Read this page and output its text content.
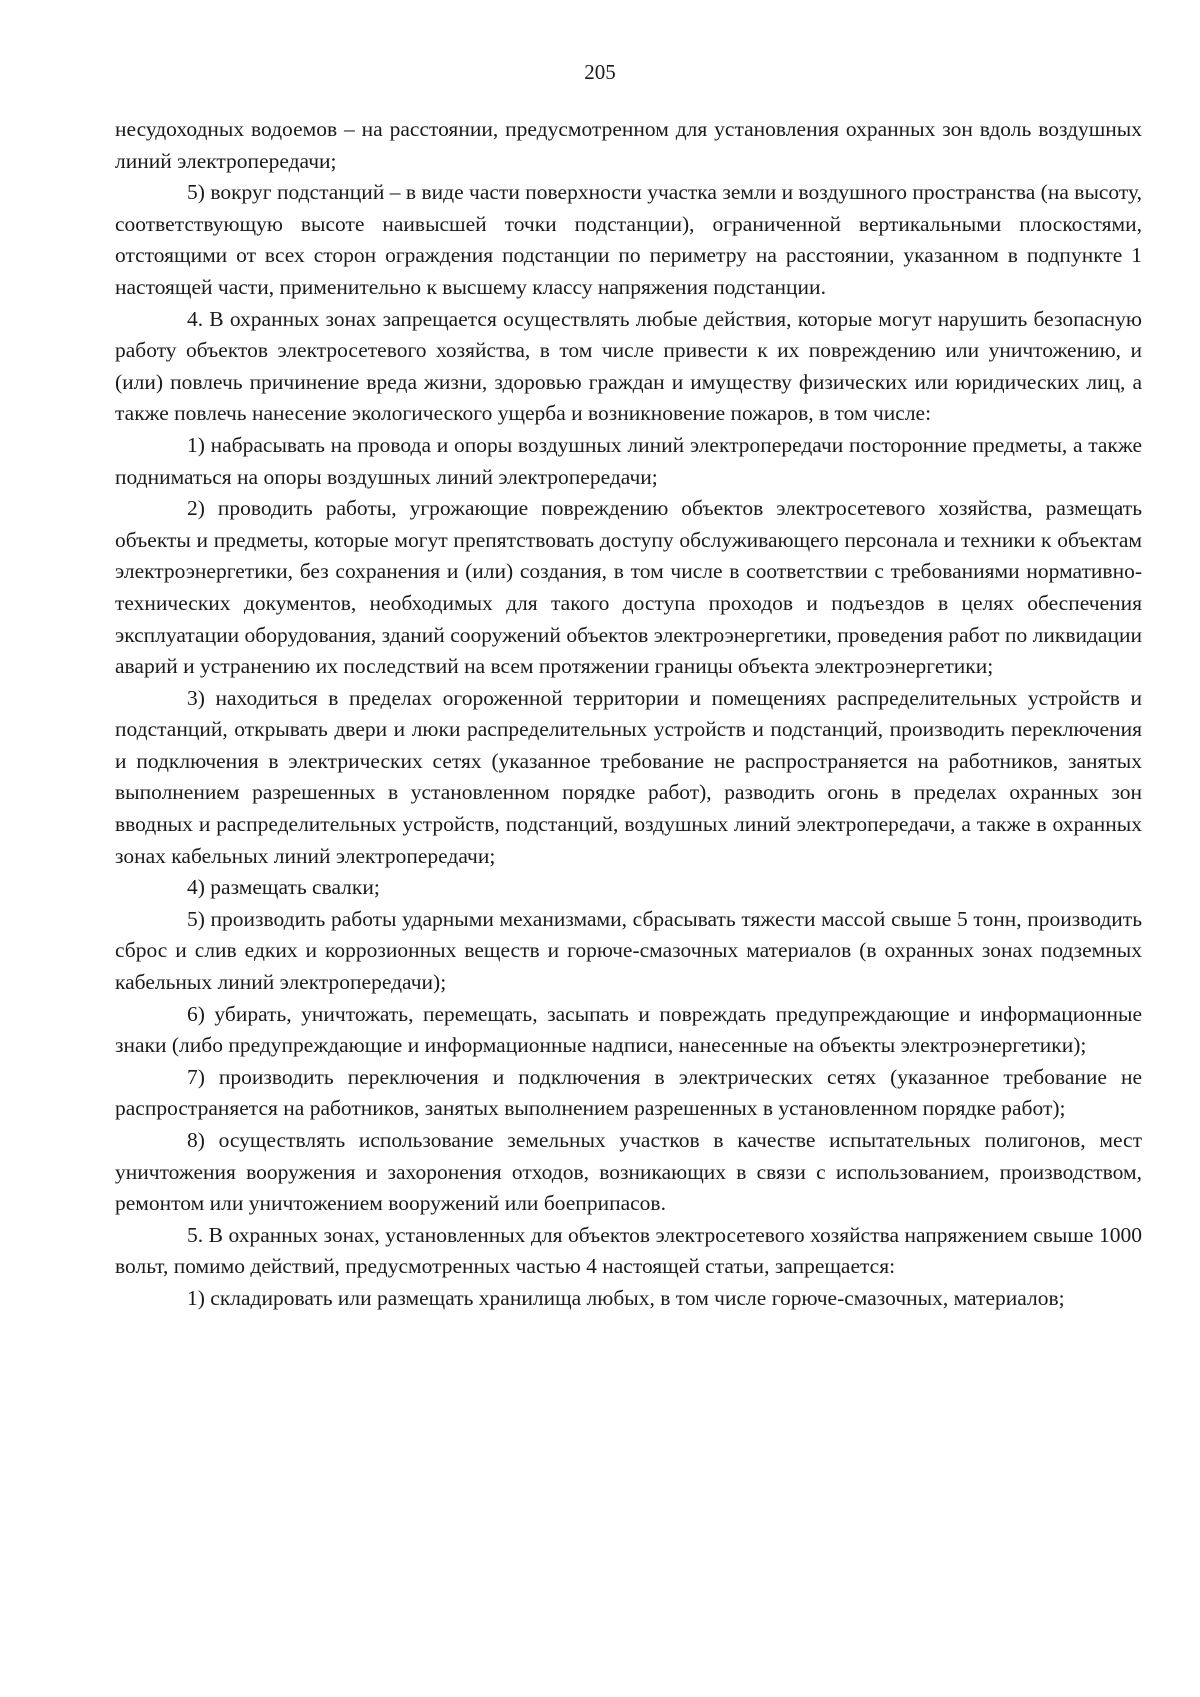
205

несудоходных водоемов – на расстоянии, предусмотренном для установления охранных зон вдоль воздушных линий электропередачи;

5) вокруг подстанций – в виде части поверхности участка земли и воздушного пространства (на высоту, соответствующую высоте наивысшей точки подстанции), ограниченной вертикальными плоскостями, отстоящими от всех сторон ограждения подстанции по периметру на расстоянии, указанном в подпункте 1 настоящей части, применительно к высшему классу напряжения подстанции.

4. В охранных зонах запрещается осуществлять любые действия, которые могут нарушить безопасную работу объектов электросетевого хозяйства, в том числе привести к их повреждению или уничтожению, и (или) повлечь причинение вреда жизни, здоровью граждан и имуществу физических или юридических лиц, а также повлечь нанесение экологического ущерба и возникновение пожаров, в том числе:

1) набрасывать на провода и опоры воздушных линий электропередачи посторонние предметы, а также подниматься на опоры воздушных линий электропередачи;

2) проводить работы, угрожающие повреждению объектов электросетевого хозяйства, размещать объекты и предметы, которые могут препятствовать доступу обслуживающего персонала и техники к объектам электроэнергетики, без сохранения и (или) создания, в том числе в соответствии с требованиями нормативно-технических документов, необходимых для такого доступа проходов и подъездов в целях обеспечения эксплуатации оборудования, зданий сооружений объектов электроэнергетики, проведения работ по ликвидации аварий и устранению их последствий на всем протяжении границы объекта электроэнергетики;

3) находиться в пределах огороженной территории и помещениях распределительных устройств и подстанций, открывать двери и люки распределительных устройств и подстанций, производить переключения и подключения в электрических сетях (указанное требование не распространяется на работников, занятых выполнением разрешенных в установленном порядке работ), разводить огонь в пределах охранных зон вводных и распределительных устройств, подстанций, воздушных линий электропередачи, а также в охранных зонах кабельных линий электропередачи;

4) размещать свалки;

5) производить работы ударными механизмами, сбрасывать тяжести массой свыше 5 тонн, производить сброс и слив едких и коррозионных веществ и горюче-смазочных материалов (в охранных зонах подземных кабельных линий электропередачи);

6) убирать, уничтожать, перемещать, засыпать и повреждать предупреждающие и информационные знаки (либо предупреждающие и информационные надписи, нанесенные на объекты электроэнергетики);

7) производить переключения и подключения в электрических сетях (указанное требование не распространяется на работников, занятых выполнением разрешенных в установленном порядке работ);

8) осуществлять использование земельных участков в качестве испытательных полигонов, мест уничтожения вооружения и захоронения отходов, возникающих в связи с использованием, производством, ремонтом или уничтожением вооружений или боеприпасов.

5. В охранных зонах, установленных для объектов электросетевого хозяйства напряжением свыше 1000 вольт, помимо действий, предусмотренных частью 4 настоящей статьи, запрещается:

1) складировать или размещать хранилища любых, в том числе горюче-смазочных, материалов;
